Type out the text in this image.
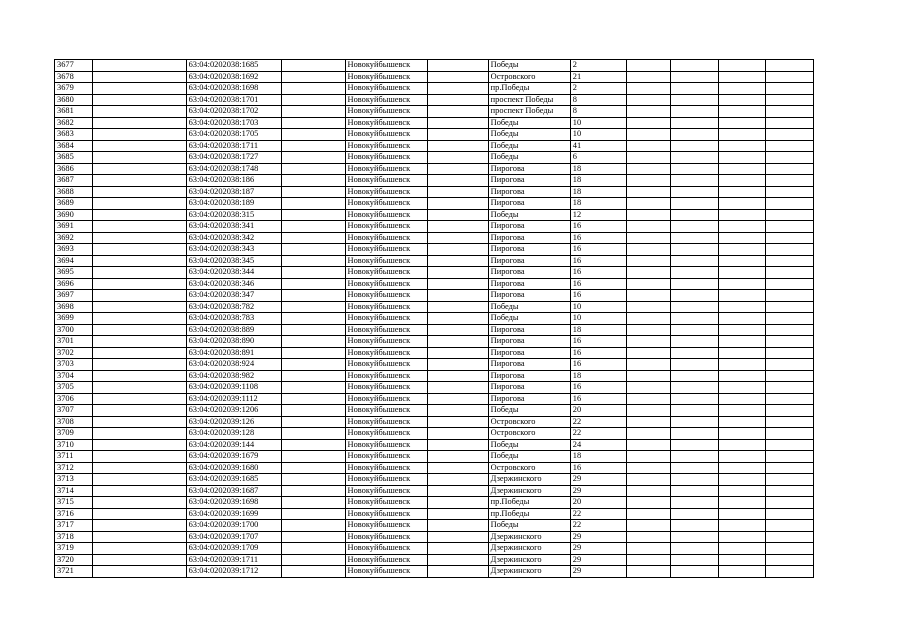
3677		63:04:0202038:1685		Новокуйбышевск		Победы	2				
3678		63:04:0202038:1692		Новокуйбышевск		Островского	21				
3679		63:04:0202038:1698		Новокуйбышевск		пр.Победы	2				
3680		63:04:0202038:1701		Новокуйбышевск		проспект Победы	8				
3681		63:04:0202038:1702		Новокуйбышевск		проспект Победы	8				
3682		63:04:0202038:1703		Новокуйбышевск		Победы	10				
3683		63:04:0202038:1705		Новокуйбышевск		Победы	10				
3684		63:04:0202038:1711		Новокуйбышевск		Победы	41				
3685		63:04:0202038:1727		Новокуйбышевск		Победы	6				
3686		63:04:0202038:1748		Новокуйбышевск		Пирогова	18				
3687		63:04:0202038:186		Новокуйбышевск		Пирогова	18				
3688		63:04:0202038:187		Новокуйбышевск		Пирогова	18				
3689		63:04:0202038:189		Новокуйбышевск		Пирогова	18				
3690		63:04:0202038:315		Новокуйбышевск		Победы	12				
3691		63:04:0202038:341		Новокуйбышевск		Пирогова	16				
3692		63:04:0202038:342		Новокуйбышевск		Пирогова	16				
3693		63:04:0202038:343		Новокуйбышевск		Пирогова	16				
3694		63:04:0202038:345		Новокуйбышевск		Пирогова	16				
3695		63:04:0202038:344		Новокуйбышевск		Пирогова	16				
3696		63:04:0202038:346		Новокуйбышевск		Пирогова	16				
3697		63:04:0202038:347		Новокуйбышевск		Пирогова	16				
3698		63:04:0202038:782		Новокуйбышевск		Победы	10				
3699		63:04:0202038:783		Новокуйбышевск		Победы	10				
3700		63:04:0202038:889		Новокуйбышевск		Пирогова	18				
3701		63:04:0202038:890		Новокуйбышевск		Пирогова	16				
3702		63:04:0202038:891		Новокуйбышевск		Пирогова	16				
3703		63:04:0202038:924		Новокуйбышевск		Пирогова	16				
3704		63:04:0202038:982		Новокуйбышевск		Пирогова	18				
3705		63:04:0202039:1108		Новокуйбышевск		Пирогова	16				
3706		63:04:0202039:1112		Новокуйбышевск		Пирогова	16				
3707		63:04:0202039:1206		Новокуйбышевск		Победы	20				
3708		63:04:0202039:126		Новокуйбышевск		Островского	22				
3709		63:04:0202039:128		Новокуйбышевск		Островского	22				
3710		63:04:0202039:144		Новокуйбышевск		Победы	24				
3711		63:04:0202039:1679		Новокуйбышевск		Победы	18				
3712		63:04:0202039:1680		Новокуйбышевск		Островского	16				
3713		63:04:0202039:1685		Новокуйбышевск		Дзержинского	29				
3714		63:04:0202039:1687		Новокуйбышевск		Дзержинского	29				
3715		63:04:0202039:1698		Новокуйбышевск		пр.Победы	20				
3716		63:04:0202039:1699		Новокуйбышевск		пр.Победы	22				
3717		63:04:0202039:1700		Новокуйбышевск		Победы	22				
3718		63:04:0202039:1707		Новокуйбышевск		Дзержинского	29				
3719		63:04:0202039:1709		Новокуйбышевск		Дзержинского	29				
3720		63:04:0202039:1711		Новокуйбышевск		Дзержинского	29				
3721		63:04:0202039:1712		Новокуйбышевск		Дзержинского	29				
